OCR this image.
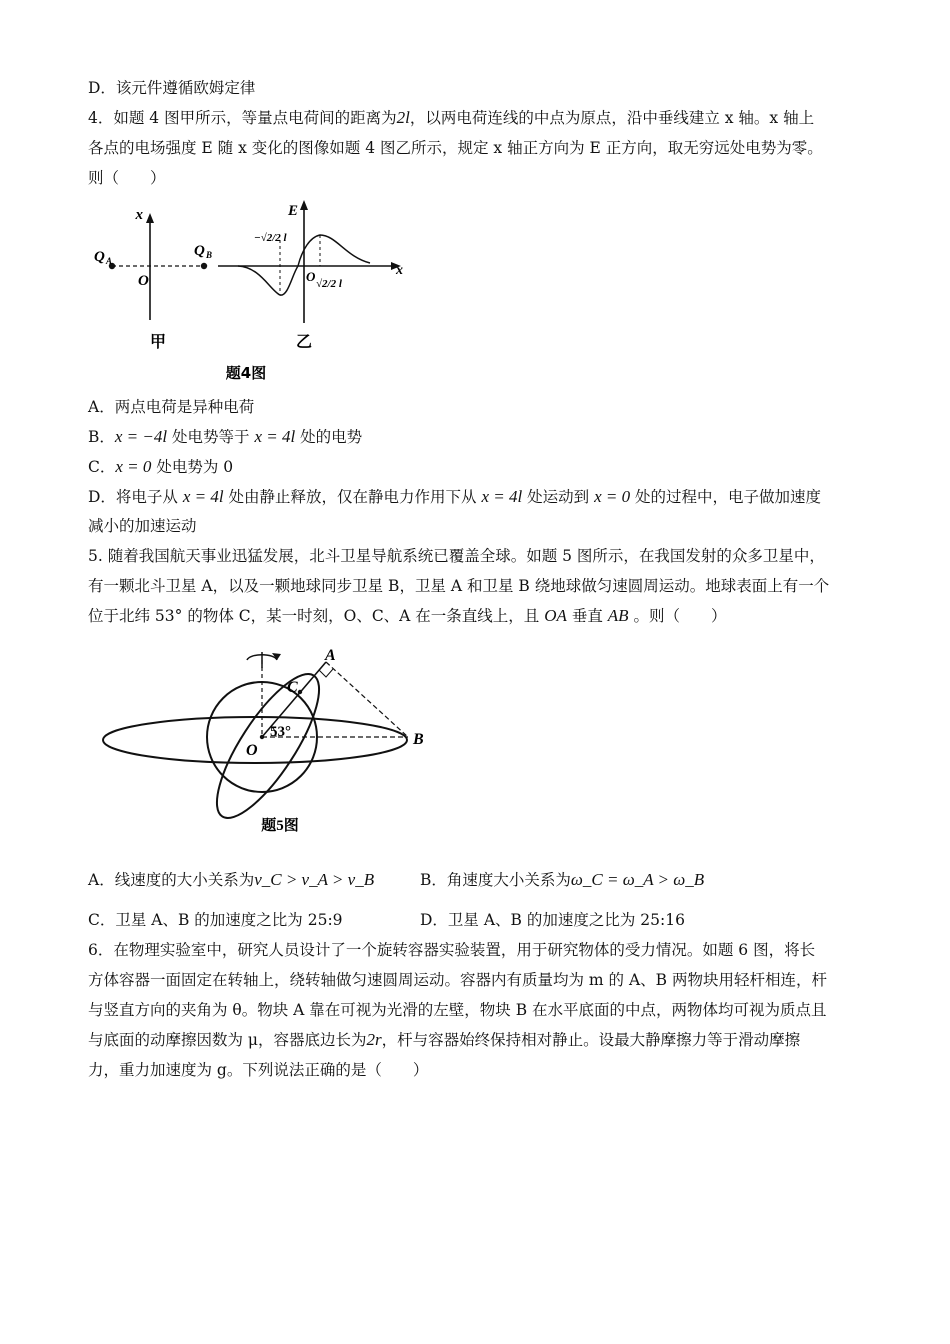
D．该元件遵循欧姆定律
4．如题 4 图甲所示，等量点电荷间的距离为2l，以两电荷连线的中点为原点，沿中垂线建立 x 轴。x 轴上
各点的电场强度 E 随 x 变化的图像如题 4 图乙所示，规定 x 轴正方向为 E 正方向，取无穷远处电势为零。
则（　　）
x
Q A
Q B
O
甲
x
E
−√2/2 l
O √2/2 l
乙
题4图
A．两点电荷是异种电荷
B．x = −4l 处电势等于 x = 4l 处的电势
C．x = 0 处电势为 0
D．将电子从 x = 4l 处由静止释放，仅在静电力作用下从 x = 4l 处运动到 x = 0 处的过程中，电子做加速度
减小的加速运动
5. 随着我国航天事业迅猛发展，北斗卫星导航系统已覆盖全球。如题 5 图所示，在我国发射的众多卫星中，
有一颗北斗卫星 A，以及一颗地球同步卫星 B，卫星 A 和卫星 B 绕地球做匀速圆周运动。地球表面上有一个
位于北纬 53° 的物体 C，某一时刻，O、C、A 在一条直线上，且 OA 垂直 AB 。则（　　）
A
B
C
O
53°
题5图
A．线速度的大小关系为v_C > v_A > v_B	B．角速度大小关系为ω_C = ω_A > ω_B
C．卫星 A、B 的加速度之比为 25:9	D．卫星 A、B 的加速度之比为 25:16
6．在物理实验室中，研究人员设计了一个旋转容器实验装置，用于研究物体的受力情况。如题 6 图，将长
方体容器一面固定在转轴上，绕转轴做匀速圆周运动。容器内有质量均为 m 的 A、B 两物块用轻杆相连，杆
与竖直方向的夹角为 θ。物块 A 靠在可视为光滑的左壁，物块 B 在水平底面的中点，两物体均可视为质点且
与底面的动摩擦因数为 μ，容器底边长为2r，杆与容器始终保持相对静止。设最大静摩擦力等于滑动摩擦
力，重力加速度为 g。下列说法正确的是（　　）
